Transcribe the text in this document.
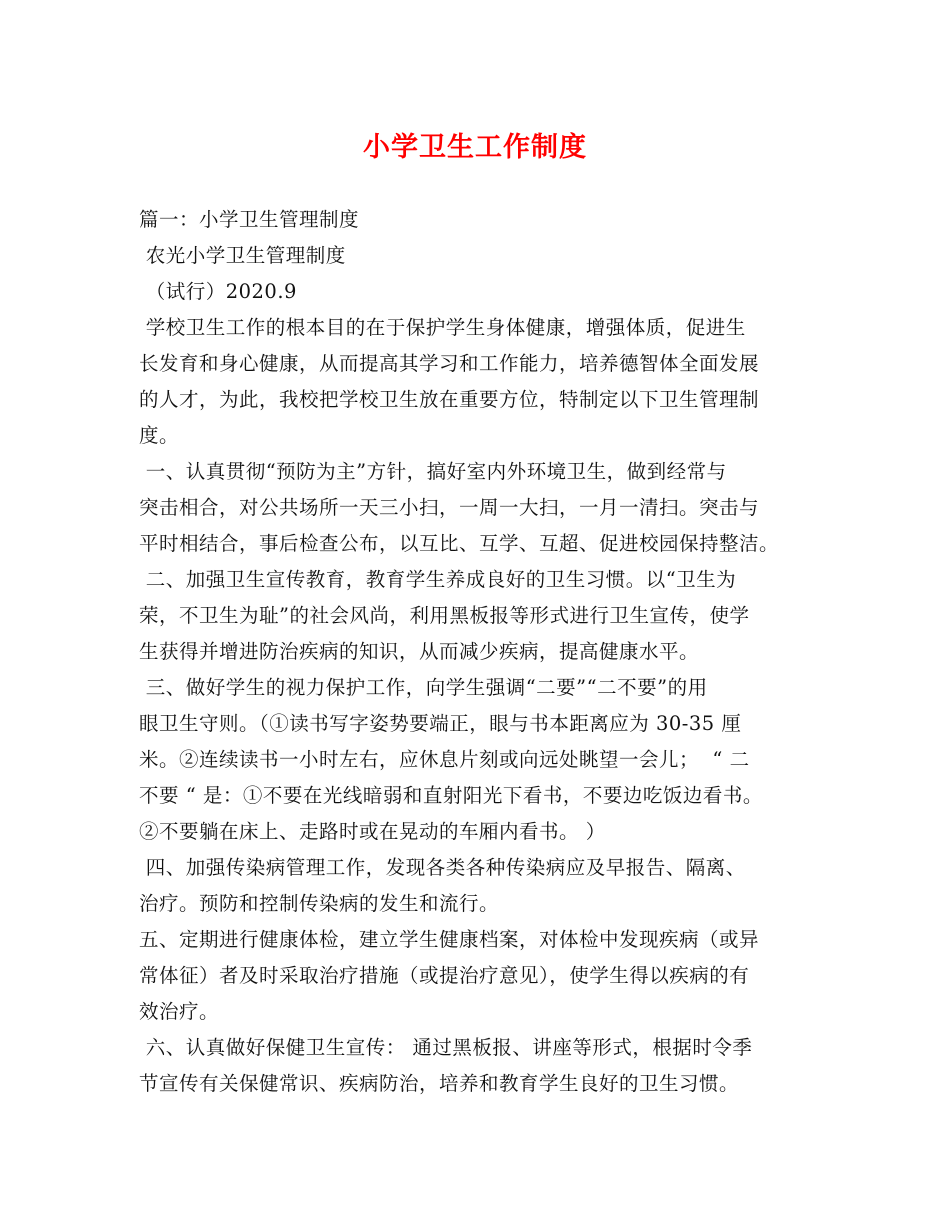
小学卫生工作制度
篇一：小学卫生管理制度
农光小学卫生管理制度
（试行）2020.9
学校卫生工作的根本目的在于保护学生身体健康，增强体质，促进生
长发育和身心健康，从而提高其学习和工作能力，培养德智体全面发展
的人才，为此，我校把学校卫生放在重要方位，特制定以下卫生管理制
度。
一、认真贯彻“预防为主”方针，搞好室内外环境卫生，做到经常与
突击相合，对公共场所一天三小扫，一周一大扫，一月一清扫。突击与
平时相结合，事后检查公布，以互比、互学、互超、促进校园保持整洁。
二、加强卫生宣传教育，教育学生养成良好的卫生习惯。以“卫生为
荣，不卫生为耻”的社会风尚，利用黑板报等形式进行卫生宣传，使学
生获得并增进防治疾病的知识，从而减少疾病，提高健康水平。
三、做好学生的视力保护工作，向学生强调“二要”“二不要”的用
眼卫生守则。（①读书写字姿势要端正，眼与书本距离应为 30-35 厘
米。②连续读书一小时左右，应休息片刻或向远处眺望一会儿；  “ 二
不要 “ 是：①不要在光线暗弱和直射阳光下看书，不要边吃饭边看书。
②不要躺在床上、走路时或在晃动的车厢内看书。 ）
四、加强传染病管理工作，发现各类各种传染病应及早报告、隔离、
治疗。预防和控制传染病的发生和流行。
五、定期进行健康体检，建立学生健康档案，对体检中发现疾病（或异
常体征）者及时采取治疗措施（或提治疗意见），使学生得以疾病的有
效治疗。
六、认真做好保健卫生宣传： 通过黑板报、讲座等形式，根据时令季
节宣传有关保健常识、疾病防治，培养和教育学生良好的卫生习惯。
